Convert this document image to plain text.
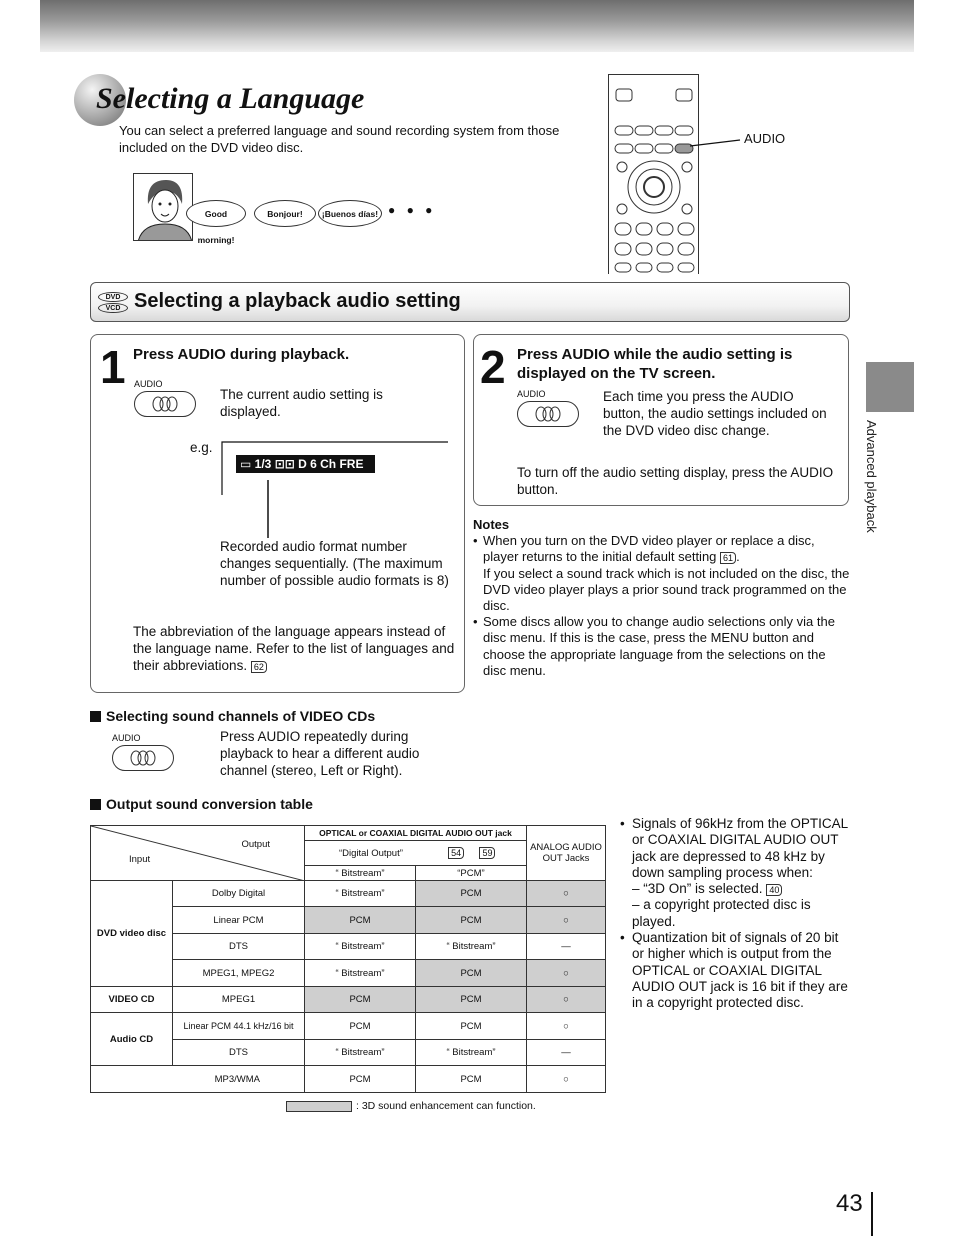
Selecting a Language
You can select a preferred language and sound recording system from those included on the DVD video disc.
Good morning!
Bonjour!	¡Buenos días! ● ● ●
AUDIO
DVD
VCD Selecting a playback audio setting
1 Press AUDIO during playback.
AUDIO
The current audio setting is displayed.
e.g.
▭ 1/3 ⊡⊡ D 6 Ch FRE
Recorded audio format number changes sequentially. (The maximum number of possible audio formats is 8)
The abbreviation of the language appears instead of the language name. Refer to the list of languages and their abbreviations. 62
2 Press AUDIO while the audio setting is displayed on the TV screen.
AUDIO	Each time you press the AUDIO button, the audio settings included on the DVD video disc change.
To turn off the audio setting display, press the AUDIO button.
Notes
• When you turn on the DVD video player or replace a disc, player returns to the initial default setting 61 .
If you select a sound track which is not included on the disc, the DVD video player plays a prior sound track programmed on the disc.
• Some discs allow you to change audio selections only via the disc menu. If this is the case, press the MENU button and choose the appropriate language from the selections on the disc menu.
Selecting sound channels of VIDEO CDs
AUDIO	Press AUDIO repeatedly during playback to hear a different audio channel (stereo, Left or Right).
Output sound conversion table
Output
Input		OPTICAL or COAXIAL DIGITAL AUDIO OUT jack		ANALOG AUDIO OUT Jacks
		“Digital Output” 54 59		
		“ Bitstream”	“PCM”	
DVD video disc	Dolby Digital	“ Bitstream”	PCM	○
	Linear PCM	PCM	PCM	○
	DTS	“ Bitstream”	“ Bitstream”	—
	MPEG1, MPEG2	“ Bitstream”	PCM	○
VIDEO CD	MPEG1	PCM	PCM	○
Audio CD	Linear PCM 44.1 kHz/16 bit	PCM	PCM	○
	DTS	“ Bitstream”	“ Bitstream”	—
MP3/WMA		PCM	PCM	○
: 3D sound enhancement can function.
• Signals of 96kHz from the OPTICAL or COAXIAL DIGITAL AUDIO OUT jack are depressed to 48 kHz by down sampling process when:
– “3D On” is selected. 40
– a copyright protected disc is played.
• Quantization bit of signals of 20 bit or higher which is output from the OPTICAL or COAXIAL DIGITAL AUDIO OUT jack is 16 bit if they are in a copyright protected disc.
Advanced playback
43
